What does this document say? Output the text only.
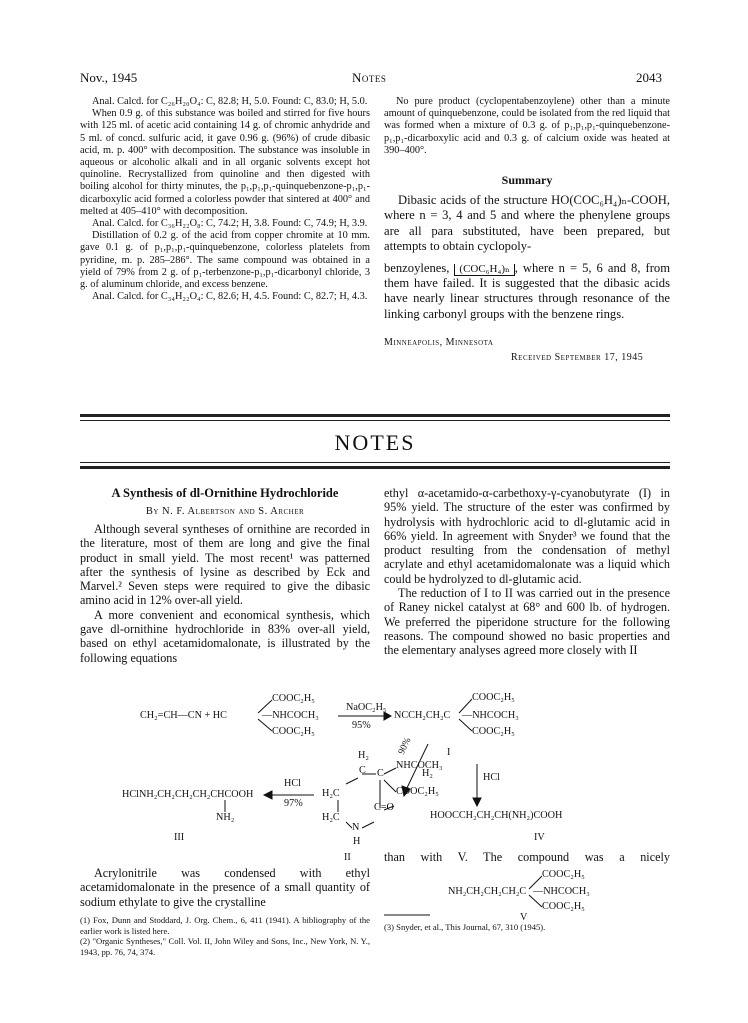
Nov., 1945	Notes	2043

Anal. Calcd. for C₂₆H₂₀O₄: C, 82.8; H, 5.0. Found: C, 83.0; H, 5.0.

When 0.9 g. of this substance was boiled and stirred for five hours with 125 ml. of acetic acid containing 14 g. of chromic anhydride and 5 ml. of concd. sulfuric acid, it gave 0.96 g. (96%) of crude dibasic acid, m. p. 400° with decomposition. The substance was insoluble in aqueous or alcoholic alkali and in all organic solvents except hot quinoline. Recrystallized from quinoline and then digested with boiling alcohol for thirty minutes, the p₁,p₁,p₁-quinquebenzone-p₁,p₁-dicarboxylic acid formed a colorless powder that sintered at 400° and melted at 405–410° with decomposition.

Anal. Calcd. for C₃₆H₂₂O₈: C, 74.2; H, 3.8. Found: C, 74.9; H, 3.9.

Distillation of 0.2 g. of the acid from copper chromite at 10 mm. gave 0.1 g. of p₁,p₁,p₁-quinquebenzone, colorless platelets from pyridine, m. p. 285–286°. The same compound was obtained in a yield of 79% from 2 g. of p₁-terbenzone-p₁,p₁-dicarbonyl chloride, 3 g. of aluminum chloride, and excess benzene.

Anal. Calcd. for C₃₄H₂₂O₄: C, 82.6; H, 4.5. Found: C, 82.7; H, 4.3.

No pure product (cyclopentabenzoylene) other than a minute amount of quinquebenzone, could be isolated from the red liquid that was formed when a mixture of 0.3 g. of p₁,p₁,p₁-quinquebenzone-p₁,p₁-dicarboxylic acid and 0.3 g. of calcium oxide was heated at 390–400°.

Summary

Dibasic acids of the structure HO(COC₆H₄)ₙ-COOH, where n = 3, 4 and 5 and where the phenylene groups are all para substituted, have been prepared, but attempts to obtain cyclopoly-

benzoylenes, (COC₆H₄)ₙ , where n = 5, 6 and 8, from them have failed. It is suggested that the dibasic acids have nearly linear structures through resonance of the linking carbonyl groups with the benzene rings.

Minneapolis, Minnesota
Received September 17, 1945
NOTES
A Synthesis of dl-Ornithine Hydrochloride
By N. F. Albertson and S. Archer

Although several syntheses of ornithine are recorded in the literature, most of them are long and give the final product in small yield. The most recent¹ was patterned after the synthesis of lysine as described by Eck and Marvel.² Seven steps were required to give the dibasic amino acid in 12% over-all yield.

A more convenient and economical synthesis, which gave dl-ornithine hydrochloride in 83% over-all yield, based on ethyl acetamidomalonate, is illustrated by the following equations

ethyl α-acetamido-α-carbethoxy-γ-cyanobutyrate (I) in 95% yield. The structure of the ester was confirmed by hydrolysis with hydrochloric acid to dl-glutamic acid in 66% yield. In agreement with Snyder³ we found that the product resulting from the condensation of methyl acrylate and ethyl acetamidomalonate was a liquid which could be hydrolyzed to dl-glutamic acid.

The reduction of I to II was carried out in the presence of Raney nickel catalyst at 68° and 600 lb. of hydrogen. We preferred the piperidone structure for the following reasons. The compound showed no basic properties and the elementary analyses agreed more closely with II

CH₂=CH—CN + HC
COOC₂H₅
—NHCOCH₃
COOC₂H₅
NaOC₂H₅
95%
NCCH₂CH₂C
COOC₂H₅
—NHCOCH₃
COOC₂H₅
I
90%
H₂	HCl
HOOCCH₂CH₂CH(NH₂)COOH
IV
HClNH₂CH₂CH₂CH₂CHCOOH
NH₂
III
HCl
97%
H₂
C
H₂C
C
NHCOCH₃
COOC₂H₅
H₂C
C=O
N
H
II

Acrylonitrile was condensed with ethyl acetamidomalonate in the presence of a small quantity of sodium ethylate to give the crystalline

than with V. The compound was a nicely

NH₂CH₂CH₂CH₂C
COOC₂H₅
—NHCOCH₃
COOC₂H₅
V

(1) Fox, Dunn and Stoddard, J. Org. Chem., 6, 411 (1941). A bibliography of the earlier work is listed here.

(2) "Organic Syntheses," Coll. Vol. II, John Wiley and Sons, Inc., New York, N. Y., 1943, pp. 76, 74, 374.

(3) Snyder, et al., This Journal, 67, 310 (1945).
